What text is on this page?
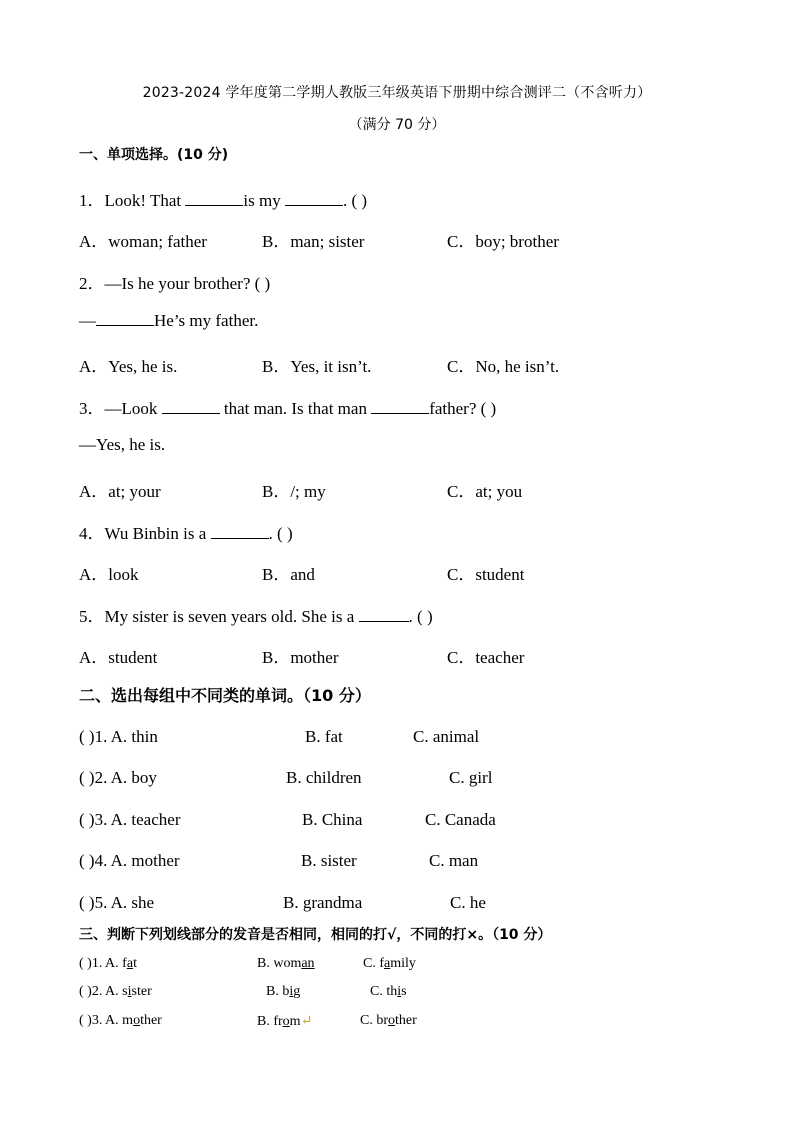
2023-2024 学年度第二学期人教版三年级英语下册期中综合测评二（不含听力）
（满分 70 分）
一、单项选择。(10 分)
1．Look! That	is my	. ( )
A．woman; father	B．man; sister	C．boy; brother
2．—Is he your brother? ( )
—	He’s my father.
A．Yes, he is.	B．Yes, it isn’t.	C．No, he isn’t.
3．—Look	that man. Is that man	father? ( )
—Yes, he is.
A．at; your	B．/; my	C．at; you
4．Wu Binbin is a	. ( )
A．look	B．and	C．student
5．My sister is seven years old. She is a	. ( )
A．student	B．mother	C．teacher
二、选出每组中不同类的单词。（10 分）
( )1. A. thin	B. fat	C. animal
( )2. A. boy	B. children	C. girl
( )3. A. teacher	B. China	C. Canada
( )4. A. mother	B. sister	C. man
( )5. A. she	B. grandma	C. he
三、判断下列划线部分的发音是否相同，相同的打√，不同的打×。（10 分）
( )1. A. fat	B. woman	C. family
( )2. A. sister	B. big	C. this
( )3. A. mother	B. from↵	C. brother
